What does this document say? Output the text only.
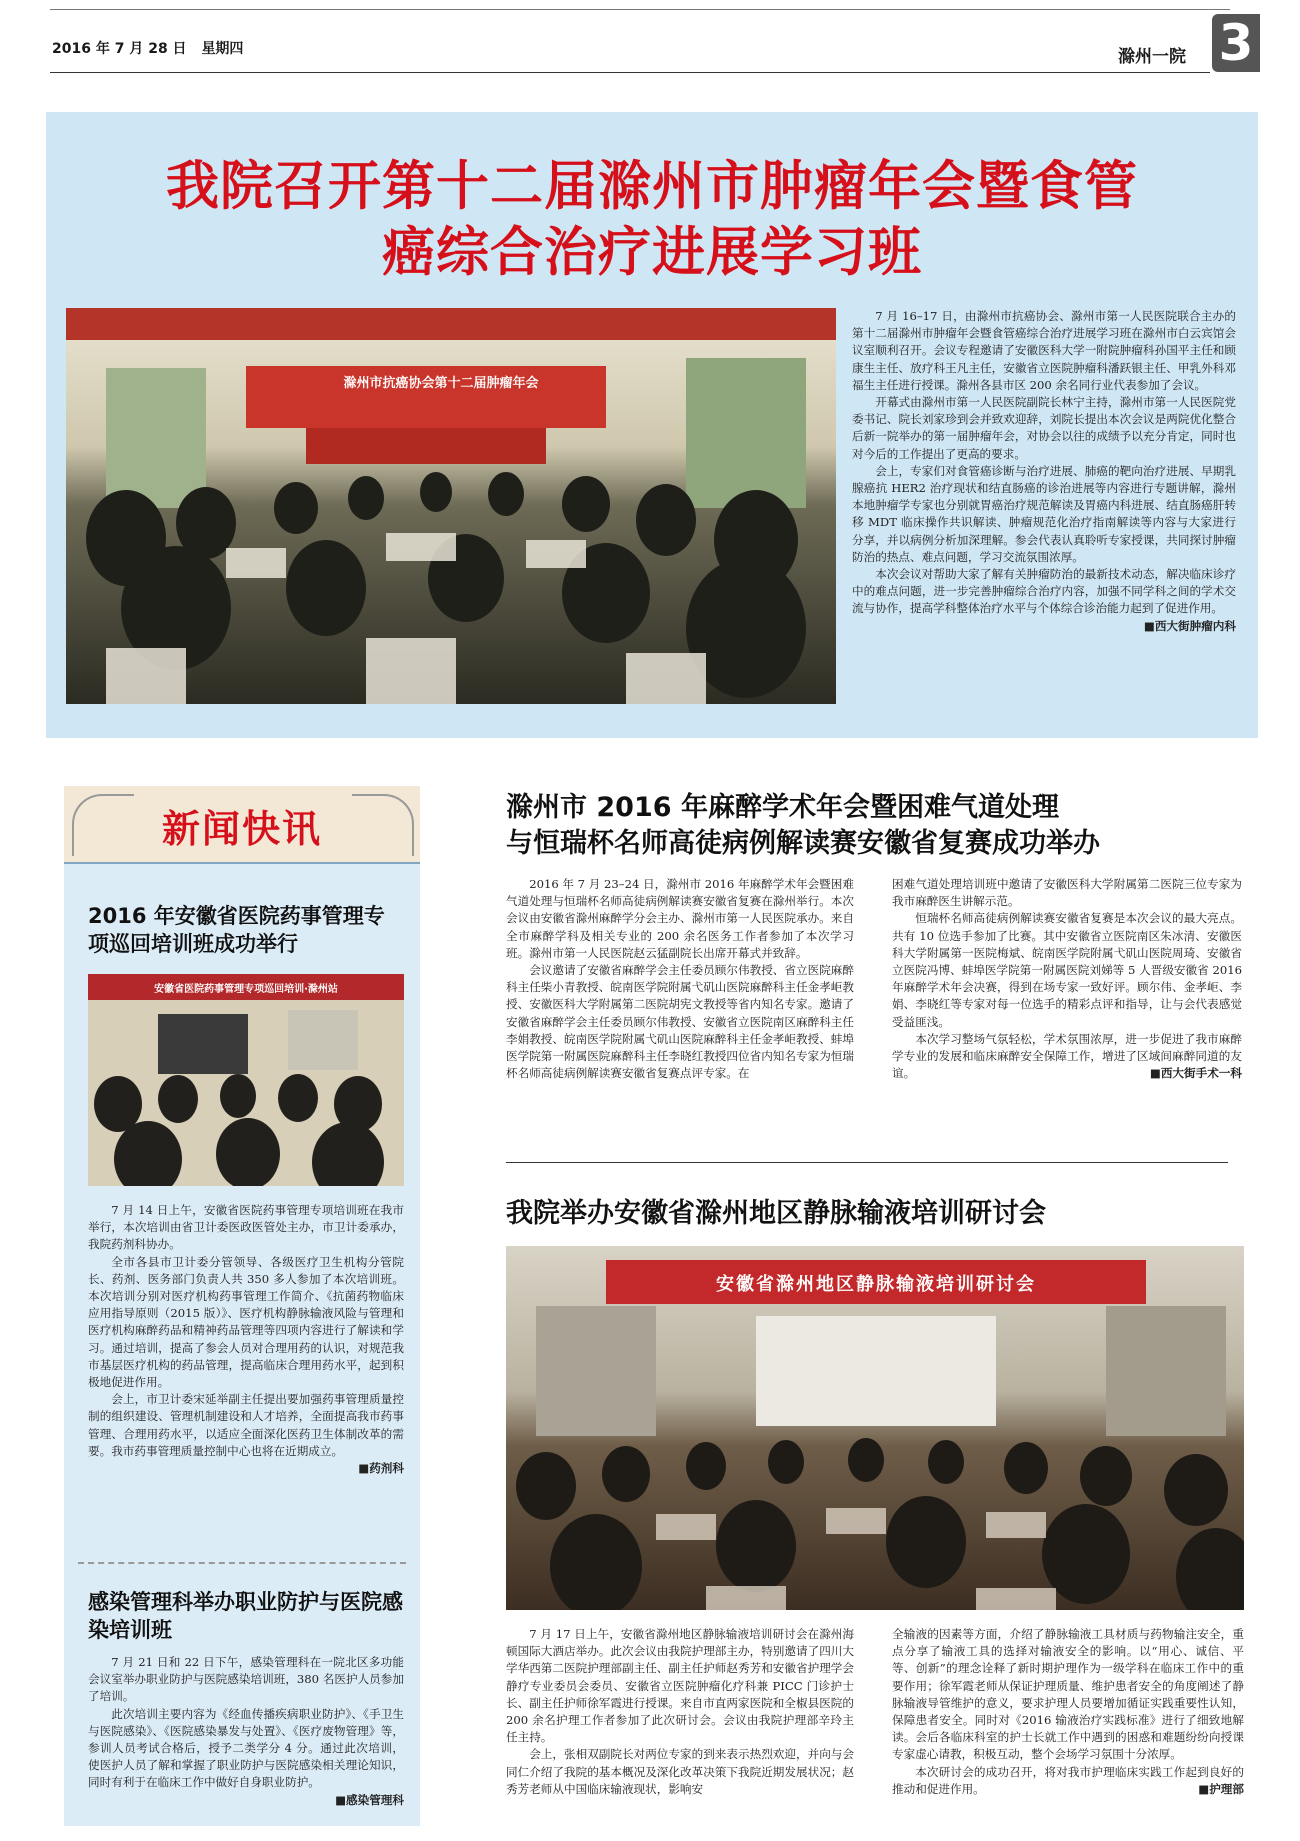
2016 年 7 月 28 日 星期四	滁州一院 3
我院召开第十二届滁州市肿瘤年会暨食管
癌综合治疗进展学习班
滁州市抗癌协会第十二届肿瘤年会

7 月 16–17 日，由滁州市抗癌协会、滁州市第一人民医院联合主办的第十二届滁州市肿瘤年会暨食管癌综合治疗进展学习班在滁州市白云宾馆会议室顺利召开。会议专程邀请了安徽医科大学一附院肿瘤科孙国平主任和顾康生主任、放疗科王凡主任，安徽省立医院肿瘤科潘跃银主任、甲乳外科邓福生主任进行授课。滁州各县市区 200 余名同行业代表参加了会议。

开幕式由滁州市第一人民医院副院长林宁主持，滁州市第一人民医院党委书记、院长刘家珍到会并致欢迎辞，刘院长提出本次会议是两院优化整合后新一院举办的第一届肿瘤年会，对协会以往的成绩予以充分肯定，同时也对今后的工作提出了更高的要求。

会上，专家们对食管癌诊断与治疗进展、肺癌的靶向治疗进展、早期乳腺癌抗 HER2 治疗现状和结直肠癌的诊治进展等内容进行专题讲解，滁州本地肿瘤学专家也分别就胃癌治疗规范解读及胃癌内科进展、结直肠癌肝转移 MDT 临床操作共识解读、肿瘤规范化治疗指南解读等内容与大家进行分享，并以病例分析加深理解。参会代表认真聆听专家授课，共同探讨肿瘤防治的热点、难点问题，学习交流氛围浓厚。

本次会议对帮助大家了解有关肿瘤防治的最新技术动态，解决临床诊疗中的难点问题，进一步完善肿瘤综合治疗内容，加强不同学科之间的学术交流与协作，提高学科整体治疗水平与个体综合诊治能力起到了促进作用。
■西大街肿瘤内科

新闻快讯
2016 年安徽省医院药事管理专项巡回培训班成功举行
安徽省医院药事管理专项巡回培训·滁州站

7 月 14 日上午，安徽省医院药事管理专项培训班在我市举行，本次培训由省卫计委医政医管处主办，市卫计委承办，我院药剂科协办。

全市各县市卫计委分管领导、各级医疗卫生机构分管院长、药剂、医务部门负责人共 350 多人参加了本次培训班。本次培训分别对医疗机构药事管理工作简介、《抗菌药物临床应用指导原则（2015 版）》、医疗机构静脉输液风险与管理和医疗机构麻醉药品和精神药品管理等四项内容进行了解读和学习。通过培训，提高了参会人员对合理用药的认识，对规范我市基层医疗机构的药品管理，提高临床合理用药水平，起到积极地促进作用。

会上，市卫计委宋延举副主任提出要加强药事管理质量控制的组织建设、管理机制建设和人才培养，全面提高我市药事管理、合理用药水平，以适应全面深化医药卫生体制改革的需要。我市药事管理质量控制中心也将在近期成立。
■药剂科

感染管理科举办职业防护与医院感染培训班

7 月 21 日和 22 日下午，感染管理科在一院北区多功能会议室举办职业防护与医院感染培训班，380 名医护人员参加了培训。

此次培训主要内容为《经血传播疾病职业防护》、《手卫生与医院感染》、《医院感染暴发与处置》、《医疗废物管理》等，参训人员考试合格后，授予二类学分 4 分。通过此次培训，使医护人员了解和掌握了职业防护与医院感染相关理论知识，同时有利于在临床工作中做好自身职业防护。
■感染管理科

滁州市 2016 年麻醉学术年会暨困难气道处理
与恒瑞杯名师高徒病例解读赛安徽省复赛成功举办

2016 年 7 月 23–24 日，滁州市 2016 年麻醉学术年会暨困难气道处理与恒瑞杯名师高徒病例解读赛安徽省复赛在滁州举行。本次会议由安徽省滁州麻醉学分会主办、滁州市第一人民医院承办。来自全市麻醉学科及相关专业的 200 余名医务工作者参加了本次学习班。滁州市第一人民医院赵云猛副院长出席开幕式并致辞。

会议邀请了安徽省麻醉学会主任委员顾尔伟教授、省立医院麻醉科主任柴小青教授、皖南医学院附属弋矶山医院麻醉科主任金孝岠教授、安徽医科大学附属第二医院胡宪文教授等省内知名专家。邀请了安徽省麻醉学会主任委员顾尔伟教授、安徽省立医院南区麻醉科主任李娟教授、皖南医学院附属弋矶山医院麻醉科主任金孝岠教授、蚌埠医学院第一附属医院麻醉科主任李晓红教授四位省内知名专家为恒瑞杯名师高徒病例解读赛安徽省复赛点评专家。在

困难气道处理培训班中邀请了安徽医科大学附属第二医院三位专家为我市麻醉医生讲解示范。

恒瑞杯名师高徒病例解读赛安徽省复赛是本次会议的最大亮点。共有 10 位选手参加了比赛。其中安徽省立医院南区朱冰清、安徽医科大学附属第一医院梅斌、皖南医学院附属弋矶山医院周琦、安徽省立医院冯博、蚌埠医学院第一附属医院刘娣等 5 人晋级安徽省 2016 年麻醉学术年会决赛，得到在场专家一致好评。顾尔伟、金孝岠、李娟、李晓红等专家对每一位选手的精彩点评和指导，让与会代表感觉受益匪浅。

本次学习整场气氛轻松，学术氛围浓厚，进一步促进了我市麻醉学专业的发展和临床麻醉安全保障工作，增进了区域间麻醉同道的友谊。	■西大街手术一科

我院举办安徽省滁州地区静脉输液培训研讨会
安徽省滁州地区静脉输液培训研讨会

7 月 17 日上午，安徽省滁州地区静脉输液培训研讨会在滁州海顿国际大酒店举办。此次会议由我院护理部主办，特别邀请了四川大学华西第二医院护理部副主任、副主任护师赵秀芳和安徽省护理学会静疗专业委员会委员、安徽省立医院肿瘤化疗科兼 PICC 门诊护士长、副主任护师徐军霞进行授课。来自市直两家医院和全椒县医院的 200 余名护理工作者参加了此次研讨会。会议由我院护理部辛玲主任主持。

会上，张相双副院长对两位专家的到来表示热烈欢迎，并向与会同仁介绍了我院的基本概况及深化改革决策下我院近期发展状况；赵秀芳老师从中国临床输液现状，影响安

全输液的因素等方面，介绍了静脉输液工具材质与药物输注安全，重点分享了输液工具的选择对输液安全的影响。以“用心、诚信、平等、创新”的理念诠释了新时期护理作为一级学科在临床工作中的重要作用；徐军霞老师从保证护理质量、维护患者安全的角度阐述了静脉输液导管维护的意义，要求护理人员要增加循证实践重要性认知，保障患者安全。同时对《2016 输液治疗实践标准》进行了细致地解读。会后各临床科室的护士长就工作中遇到的困惑和难题纷纷向授课专家虚心请教，积极互动，整个会场学习氛围十分浓厚。

本次研讨会的成功召开，将对我市护理临床实践工作起到良好的推动和促进作用。	■护理部
